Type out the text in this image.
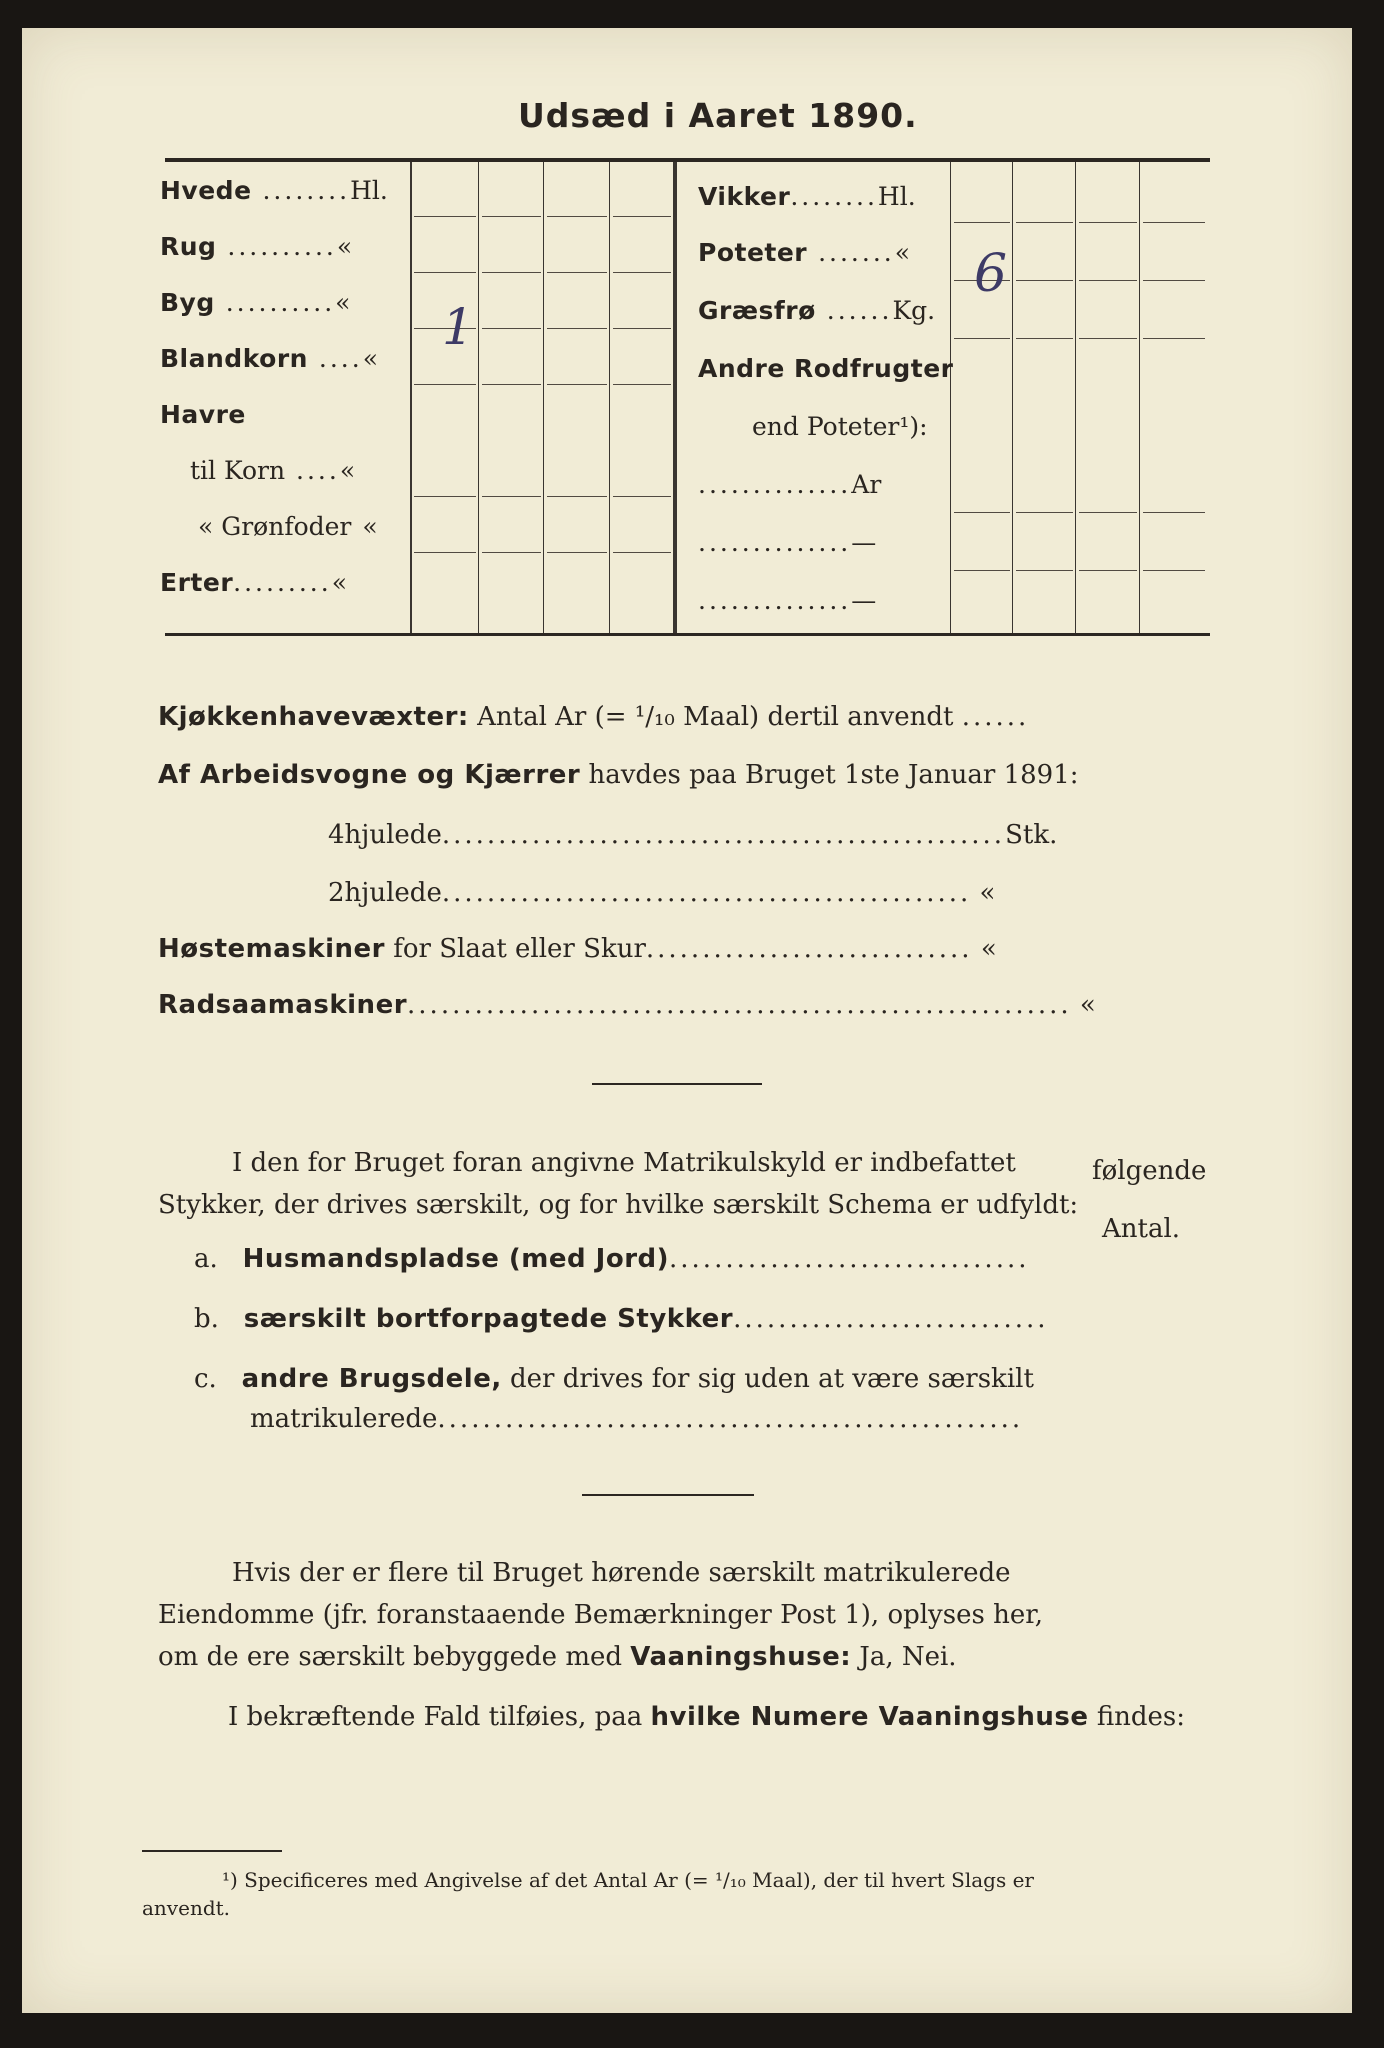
Udsæd i Aaret 1890.
Hvede ........Hl.
Rug ..........«
Byg ..........«
Blandkorn ....«
Havre
til Korn ....«
« Grønfoder «
Erter.........«
Vikker........Hl.
Poteter .......«
Græsfrø ......Kg.
Andre Rodfrugter
end Poteter¹):
..............Ar
..............—
..............—
1
6
Kjøkkenhavevæxter: Antal Ar (= ¹/₁₀ Maal) dertil anvendt ......
Af Arbeidsvogne og Kjærrer havdes paa Bruget 1ste Januar 1891:
4hjulede..................................................Stk.
2hjulede............................................... «
Høstemaskiner for Slaat eller Skur............................. «
Radsaamaskiner........................................................... «
I den for Bruget foran angivne Matrikulskyld er indbefattet
Stykker, der drives særskilt, og for hvilke særskilt Schema er udfyldt:
følgende
Antal.
a. Husmandspladse (med Jord)................................
b. særskilt bortforpagtede Stykker............................
c. andre Brugsdele, der drives for sig uden at være særskilt
matrikulerede....................................................
Hvis der er flere til Bruget hørende særskilt matrikulerede
Eiendomme (jfr. foranstaaende Bemærkninger Post 1), oplyses her,
om de ere særskilt bebyggede med Vaaningshuse: Ja, Nei.
I bekræftende Fald tilføies, paa hvilke Numere Vaaningshuse findes:
¹) Specificeres med Angivelse af det Antal Ar (= ¹/₁₀ Maal), der til hvert Slags er
anvendt.
